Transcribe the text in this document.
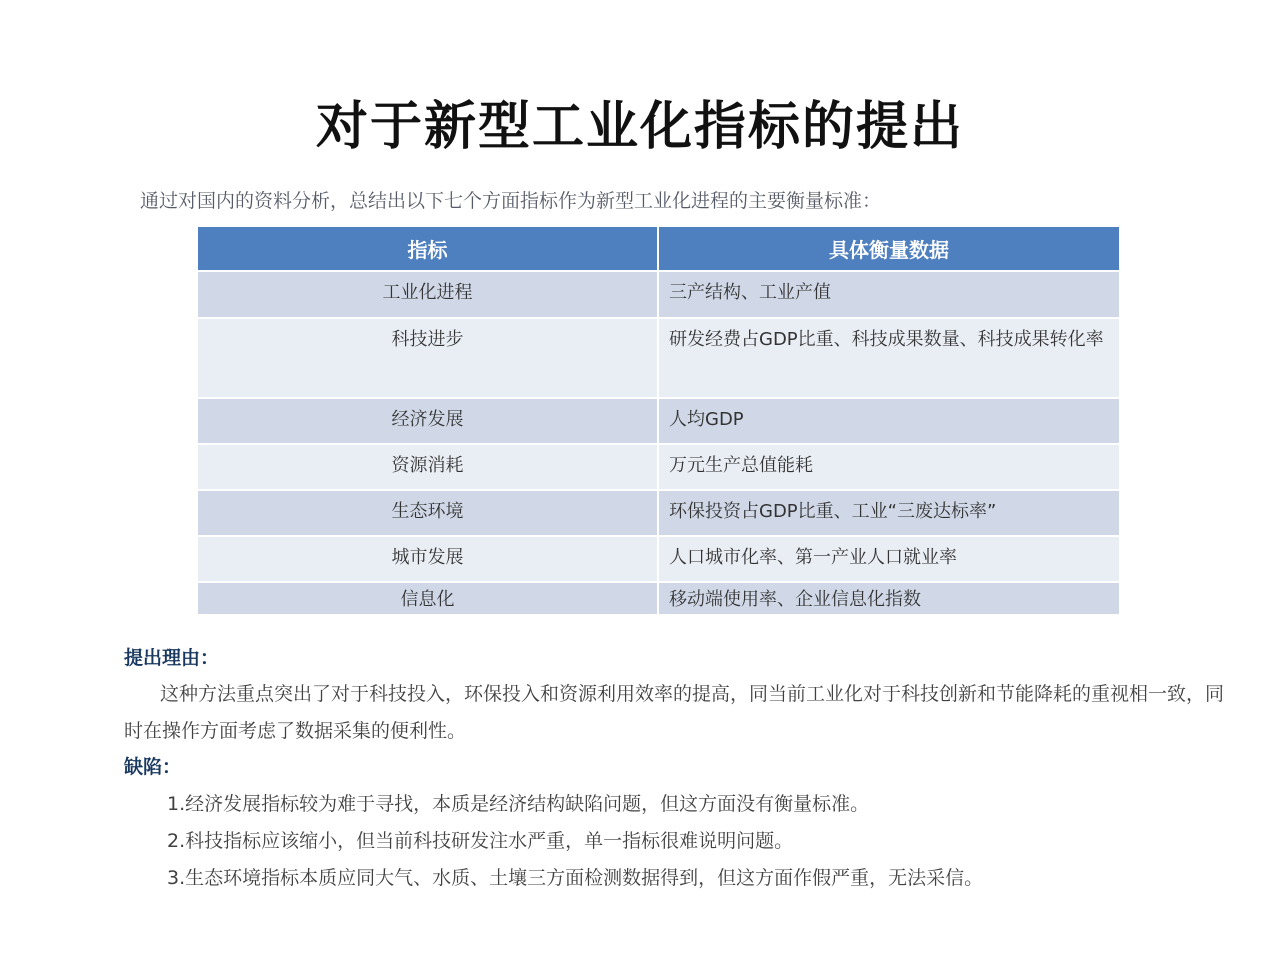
对于新型工业化指标的提出
通过对国内的资料分析，总结出以下七个方面指标作为新型工业化进程的主要衡量标准：
指标	具体衡量数据
工业化进程	三产结构、工业产值
科技进步	研发经费占GDP比重、科技成果数量、科技成果转化率
经济发展	人均GDP
资源消耗	万元生产总值能耗
生态环境	环保投资占GDP比重、工业“三废达标率”
城市发展	人口城市化率、第一产业人口就业率
信息化	移动端使用率、企业信息化指数
提出理由：
这种方法重点突出了对于科技投入，环保投入和资源利用效率的提高，同当前工业化对于科技创新和节能降耗的重视相一致，同时在操作方面考虑了数据采集的便利性。
缺陷：
1.经济发展指标较为难于寻找，本质是经济结构缺陷问题，但这方面没有衡量标准。
2.科技指标应该缩小，但当前科技研发注水严重，单一指标很难说明问题。
3.生态环境指标本质应同大气、水质、土壤三方面检测数据得到，但这方面作假严重，无法采信。
